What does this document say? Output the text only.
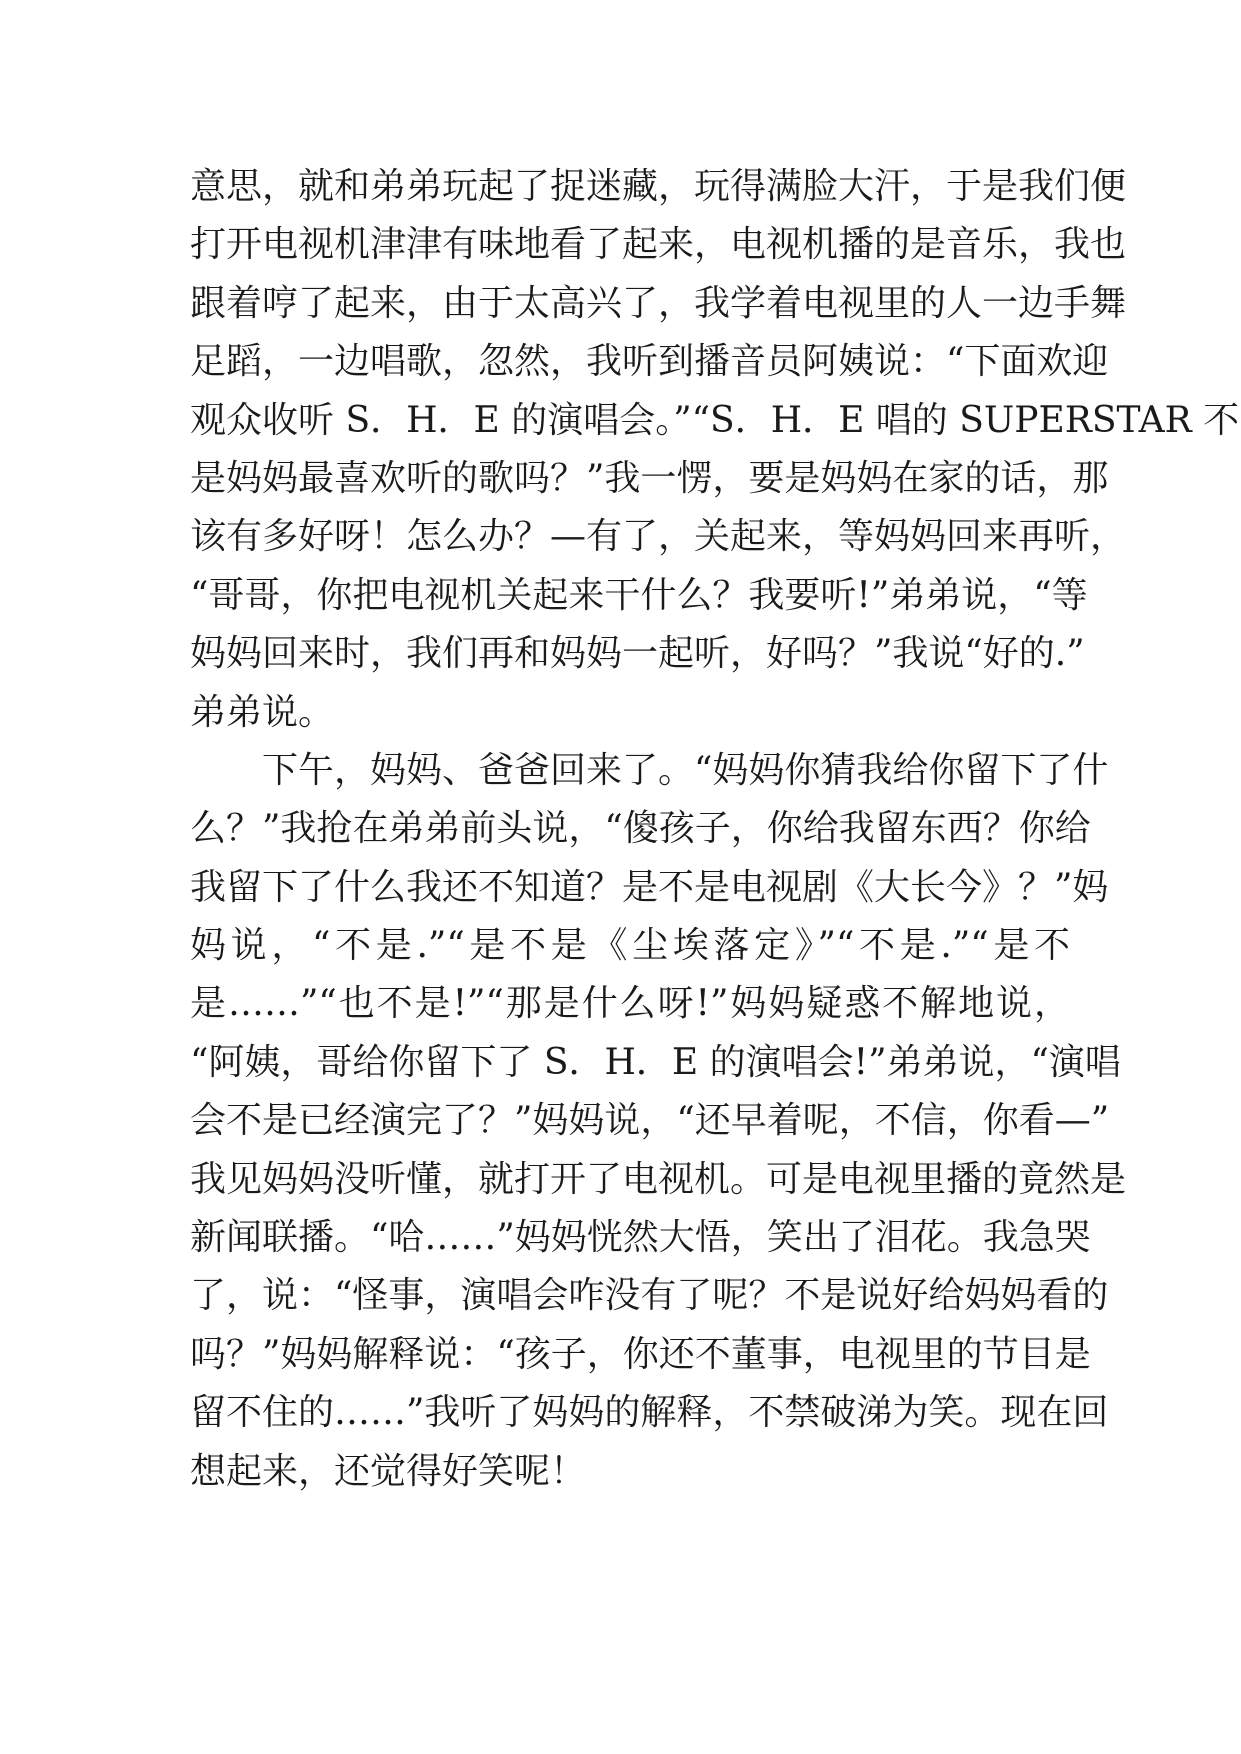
意思，就和弟弟玩起了捉迷藏，玩得满脸大汗，于是我们便
打开电视机津津有味地看了起来，电视机播的是音乐，我也
跟着哼了起来，由于太高兴了，我学着电视里的人一边手舞
足蹈，一边唱歌，忽然，我听到播音员阿姨说：“下面欢迎
观众收听 S．H．E 的演唱会。”“S．H．E 唱的 SUPERSTAR 不
是妈妈最喜欢听的歌吗？”我一愣，要是妈妈在家的话，那
该有多好呀！怎么办？—有了，关起来，等妈妈回来再听，
“哥哥，你把电视机关起来干什么？我要听!”弟弟说，“等
妈妈回来时，我们再和妈妈一起听，好吗？”我说“好的.”
弟弟说。
下午，妈妈、爸爸回来了。“妈妈你猜我给你留下了什
么？”我抢在弟弟前头说，“傻孩子，你给我留东西？你给
我留下了什么我还不知道？是不是电视剧《大长今》？”妈
妈说，“不是.”“是不是《尘埃落定》”“不是.”“是不
是……”“也不是!”“那是什么呀!”妈妈疑惑不解地说，
“阿姨，哥给你留下了 S．H．E 的演唱会!”弟弟说，“演唱
会不是已经演完了？”妈妈说，“还早着呢，不信，你看—”
我见妈妈没听懂，就打开了电视机。可是电视里播的竟然是
新闻联播。“哈……”妈妈恍然大悟，笑出了泪花。我急哭
了，说：“怪事，演唱会咋没有了呢？不是说好给妈妈看的
吗？”妈妈解释说：“孩子，你还不董事，电视里的节目是
留不住的……”我听了妈妈的解释，不禁破涕为笑。现在回
想起来，还觉得好笑呢！
